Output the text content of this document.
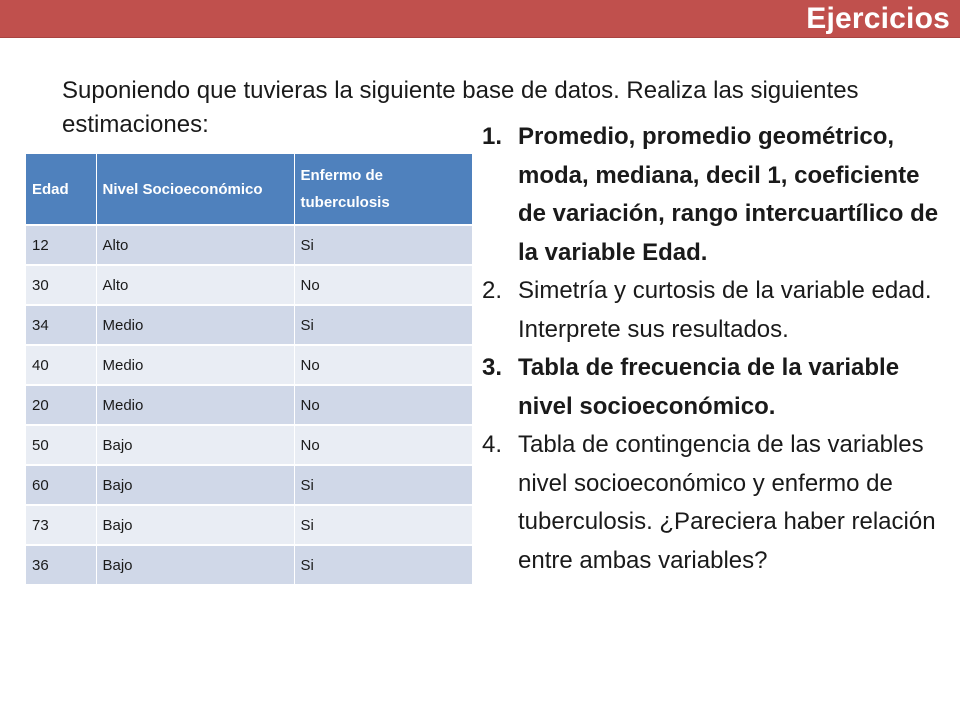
Ejercicios
Suponiendo que tuvieras la siguiente base de datos. Realiza las siguientes estimaciones:
Edad	Nivel Socioeconómico	Enfermo de tuberculosis
12	Alto	Si
30	Alto	No
34	Medio	Si
40	Medio	No
20	Medio	No
50	Bajo	No
60	Bajo	Si
73	Bajo	Si
36	Bajo	Si
1. Promedio, promedio geométrico, moda, mediana, decil 1, coeficiente de variación, rango intercuartílico de la variable Edad.
2. Simetría y curtosis de la variable edad. Interprete sus resultados.
3. Tabla de frecuencia de la variable nivel socioeconómico.
4. Tabla de contingencia de las variables nivel socioeconómico y enfermo de tuberculosis. ¿Pareciera haber relación entre ambas variables?
